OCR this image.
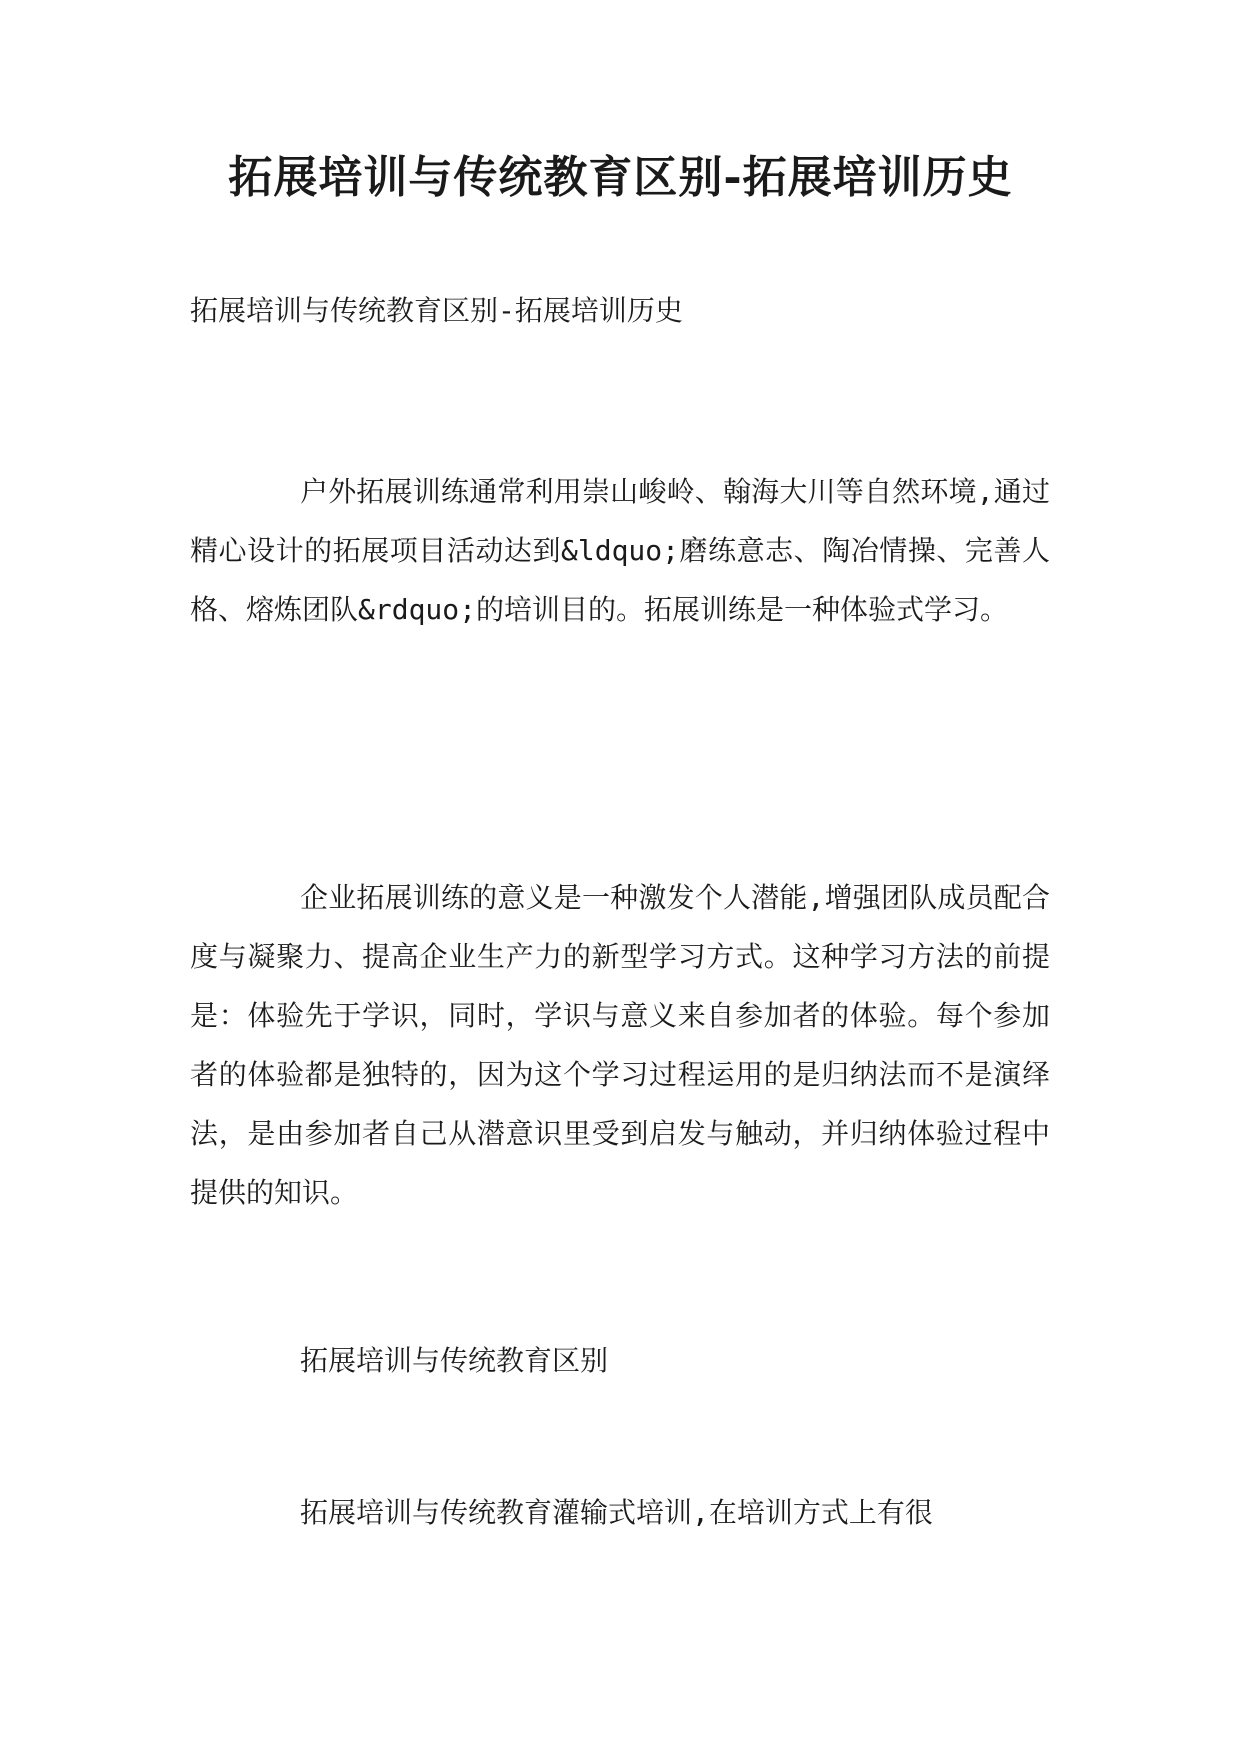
拓展培训与传统教育区别-拓展培训历史

拓展培训与传统教育区别-拓展培训历史

户外拓展训练通常利用崇山峻岭、翰海大川等自然环境,通过精心设计的拓展项目活动达到&ldquo;磨练意志、陶冶情操、完善人格、熔炼团队&rdquo;的培训目的。拓展训练是一种体验式学习。

企业拓展训练的意义是一种激发个人潜能,增强团队成员配合度与凝聚力、提高企业生产力的新型学习方式。这种学习方法的前提是：体验先于学识，同时，学识与意义来自参加者的体验。每个参加者的体验都是独特的，因为这个学习过程运用的是归纳法而不是演绎法，是由参加者自己从潜意识里受到启发与触动，并归纳体验过程中提供的知识。

拓展培训与传统教育区别

拓展培训与传统教育灌输式培训,在培训方式上有很
